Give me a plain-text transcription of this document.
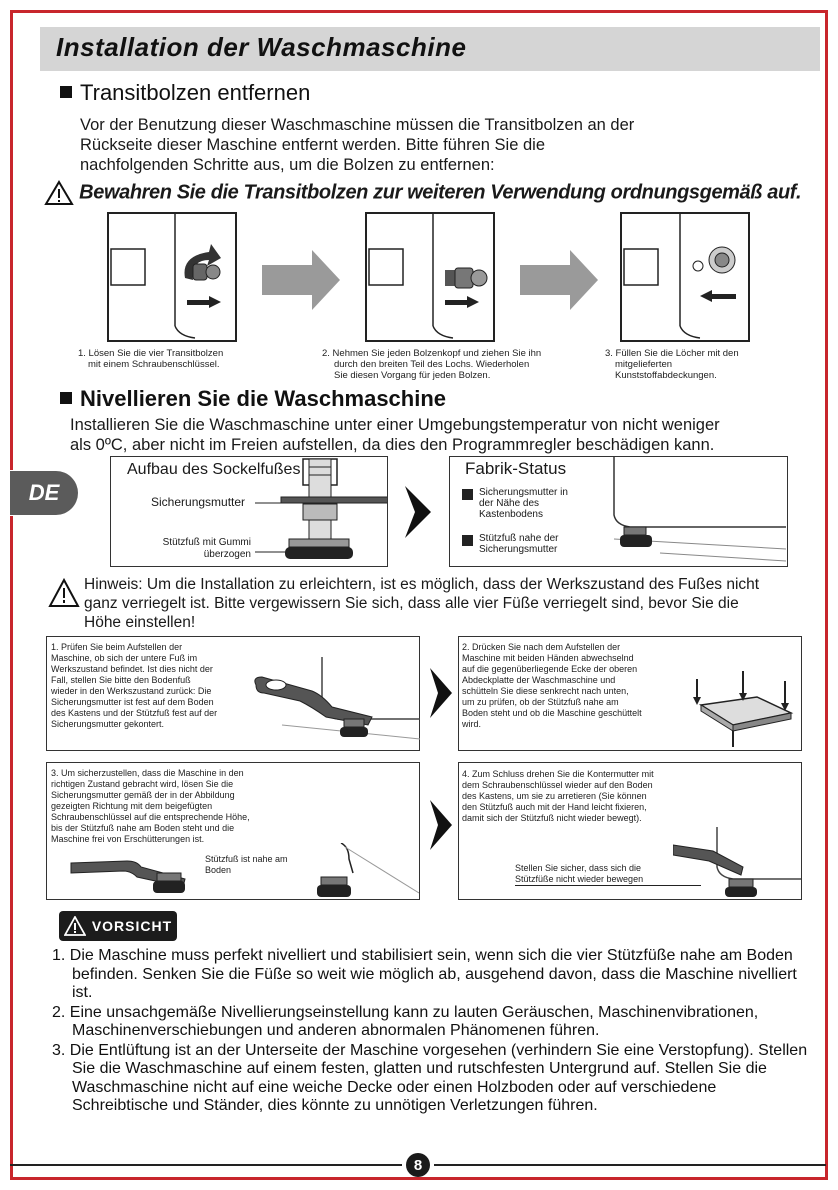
Installation der Waschmaschine
DE
Transitbolzen entfernen
Vor der Benutzung dieser Waschmaschine müssen die Transitbolzen an der
Rückseite dieser Maschine entfernt werden. Bitte führen Sie die
nachfolgenden Schritte aus, um die Bolzen zu entfernen:
Bewahren Sie die Transitbolzen zur weiteren Verwendung ordnungsgemäß auf.
1. Lösen Sie die vier Transitbolzen
mit einem Schraubenschlüssel.
2. Nehmen Sie jeden Bolzenkopf und ziehen Sie ihn
durch den breiten Teil des Lochs. Wiederholen
Sie diesen Vorgang für jeden Bolzen.
3. Füllen Sie die Löcher mit den
mitgelieferten
Kunststoffabdeckungen.
Nivellieren Sie die Waschmaschine
Installieren Sie die Waschmaschine unter einer Umgebungstemperatur von nicht weniger
als 0ºC, aber nicht im Freien aufstellen, da dies den Programmregler beschädigen kann.
Aufbau des Sockelfußes
Sicherungsmutter
Stützfuß mit Gummi
überzogen
Fabrik-Status
Sicherungsmutter in
der Nähe des
Kastenbodens
Stützfuß nahe der
Sicherungsmutter
Hinweis: Um die Installation zu erleichtern, ist es möglich, dass der Werkszustand des Fußes nicht
ganz verriegelt ist. Bitte vergewissern Sie sich, dass alle vier Füße verriegelt sind, bevor Sie die
Höhe einstellen!
1. Prüfen Sie beim Aufstellen der
Maschine, ob sich der untere Fuß im
Werkszustand befindet. Ist dies nicht der
Fall, stellen Sie bitte den Bodenfuß
wieder in den Werkszustand zurück: Die
Sicherungsmutter ist fest auf dem Boden
des Kastens und der Stützfuß fest auf der
Sicherungsmutter gekontert.
2. Drücken Sie nach dem Aufstellen der
Maschine mit beiden Händen abwechselnd
auf die gegenüberliegende Ecke der oberen
Abdeckplatte der Waschmaschine und
schütteln Sie diese senkrecht nach unten,
um zu prüfen, ob der Stützfuß nahe am
Boden steht und ob die Maschine geschüttelt
wird.
3. Um sicherzustellen, dass die Maschine in den
richtigen Zustand gebracht wird, lösen Sie die
Sicherungsmutter gemäß der in der Abbildung
gezeigten Richtung mit dem beigefügten
Schraubenschlüssel auf die entsprechende Höhe,
bis der Stützfuß nahe am Boden steht und die
Maschine frei von Erschütterungen ist.
Stützfuß ist nahe am
Boden
4. Zum Schluss drehen Sie die Kontermutter mit
dem Schraubenschlüssel wieder auf den Boden
des Kastens, um sie zu arretieren (Sie können
den Stützfuß auch mit der Hand leicht fixieren,
damit sich der Stützfuß nicht wieder bewegt).
Stellen Sie sicher, dass sich die
Stützfüße nicht wieder bewegen
VORSICHT
1. Die Maschine muss perfekt nivelliert und stabilisiert sein, wenn sich die vier Stützfüße nahe am Boden befinden. Senken Sie die Füße so weit wie möglich ab, ausgehend davon, dass die Maschine nivelliert ist.
2. Eine unsachgemäße Nivellierungseinstellung kann zu lauten Geräuschen, Maschinenvibrationen, Maschinenverschiebungen und anderen abnormalen Phänomenen führen.
3. Die Entlüftung ist an der Unterseite der Maschine vorgesehen (verhindern Sie eine Verstopfung). Stellen Sie die Waschmaschine auf einem festen, glatten und rutschfesten Untergrund auf. Stellen Sie die Waschmaschine nicht auf eine weiche Decke oder einen Holzboden oder auf verschiedene Schreibtische und Ständer, dies könnte zu unnötigen Verletzungen führen.
8
